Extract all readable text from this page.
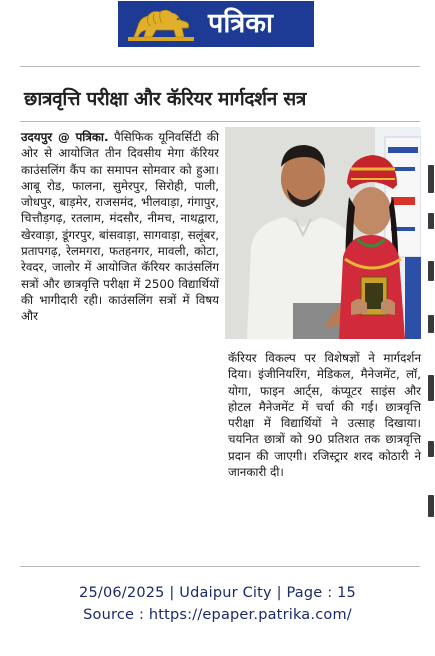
पत्रिका
छात्रवृत्ति परीक्षा और कॅरियर मार्गदर्शन सत्र

उदयपुर @ पत्रिका. पैसिफिक यूनिवर्सिटी की ओर से आयोजित तीन दिवसीय मेगा कॅरियर काउंसलिंग कैंप का समापन सोमवार को हुआ। आबू रोड, फालना, सुमेरपुर, सिरोही, पाली, जोधपुर, बाड़मेर, राजसमंद, भीलवाड़ा, गंगापुर, चित्तौड़गढ़, रतलाम, मंदसौर, नीमच, नाथद्वारा, खेरवाड़ा, डूंगरपुर, बांसवाड़ा, सागवाड़ा, सलूंबर, प्रतापगढ़, रेलमगरा, फतहनगर, मावली, कोटा, रेवदर, जालोर में आयोजित कॅरियर काउंसलिंग सत्रों और छात्रवृत्ति परीक्षा में 2500 विद्यार्थियों की भागीदारी रही। काउंसलिंग सत्रों में विषय और

कॅरियर विकल्प पर विशेषज्ञों ने मार्गदर्शन दिया। इंजीनियरिंग, मेडिकल, मैनेजमेंट, लॉ, योगा, फाइन आर्ट्स, कंप्यूटर साइंस और होटल मैनेजमेंट में चर्चा की गई। छात्रवृत्ति परीक्षा में विद्यार्थियों ने उत्साह दिखाया। चयनित छात्रों को 90 प्रतिशत तक छात्रवृत्ति प्रदान की जाएगी। रजिस्ट्रार शरद कोठारी ने जानकारी दी।

25/06/2025 | Udaipur City | Page : 15
Source : https://epaper.patrika.com/
